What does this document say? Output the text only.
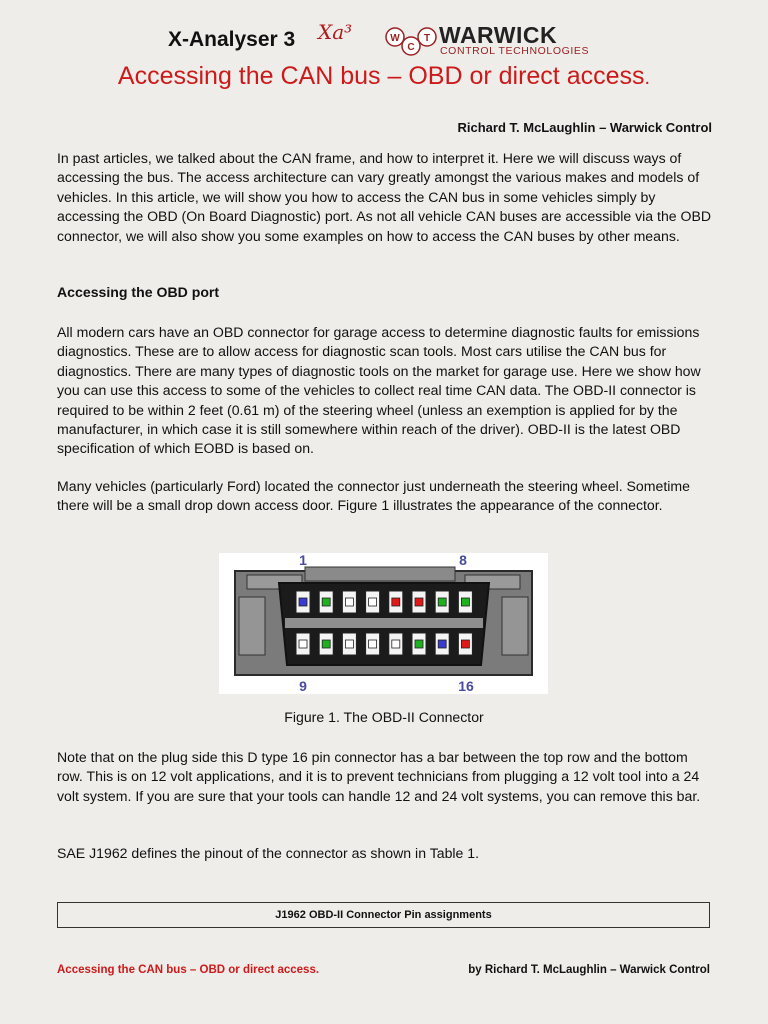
X-Analyser 3 Xa³	W
C
T WARWICK
CONTROL TECHNOLOGIES
Accessing the CAN bus – OBD or direct access.
Richard T. McLaughlin – Warwick Control
In past articles, we talked about the CAN frame, and how to interpret it. Here we will discuss ways of accessing the bus. The access architecture can vary greatly amongst the various makes and models of vehicles. In this article, we will show you how to access the CAN bus in some vehicles simply by accessing the OBD (On Board Diagnostic) port. As not all vehicle CAN buses are accessible via the OBD connector, we will also show you some examples on how to access the CAN buses by other means.
Accessing the OBD port
All modern cars have an OBD connector for garage access to determine diagnostic faults for emissions diagnostics. These are to allow access for diagnostic scan tools. Most cars utilise the CAN bus for diagnostics. There are many types of diagnostic tools on the market for garage use. Here we show how you can use this access to some of the vehicles to collect real time CAN data. The OBD-II connector is required to be within 2 feet (0.61 m) of the steering wheel (unless an exemption is applied for by the manufacturer, in which case it is still somewhere within reach of the driver). OBD-II is the latest OBD specification of which EOBD is based on.
Many vehicles (particularly Ford) located the connector just underneath the steering wheel. Sometime there will be a small drop down access door. Figure 1 illustrates the appearance of the connector.
1	8
9	16
Figure 1. The OBD-II Connector
Note that on the plug side this D type 16 pin connector has a bar between the top row and the bottom row. This is on 12 volt applications, and it is to prevent technicians from plugging a 12 volt tool into a 24 volt system. If you are sure that your tools can handle 12 and 24 volt systems, you can remove this bar.
SAE J1962 defines the pinout of the connector as shown in Table 1.
J1962 OBD-II Connector Pin assignments
Accessing the CAN bus – OBD or direct access.	by Richard T. McLaughlin – Warwick Control
